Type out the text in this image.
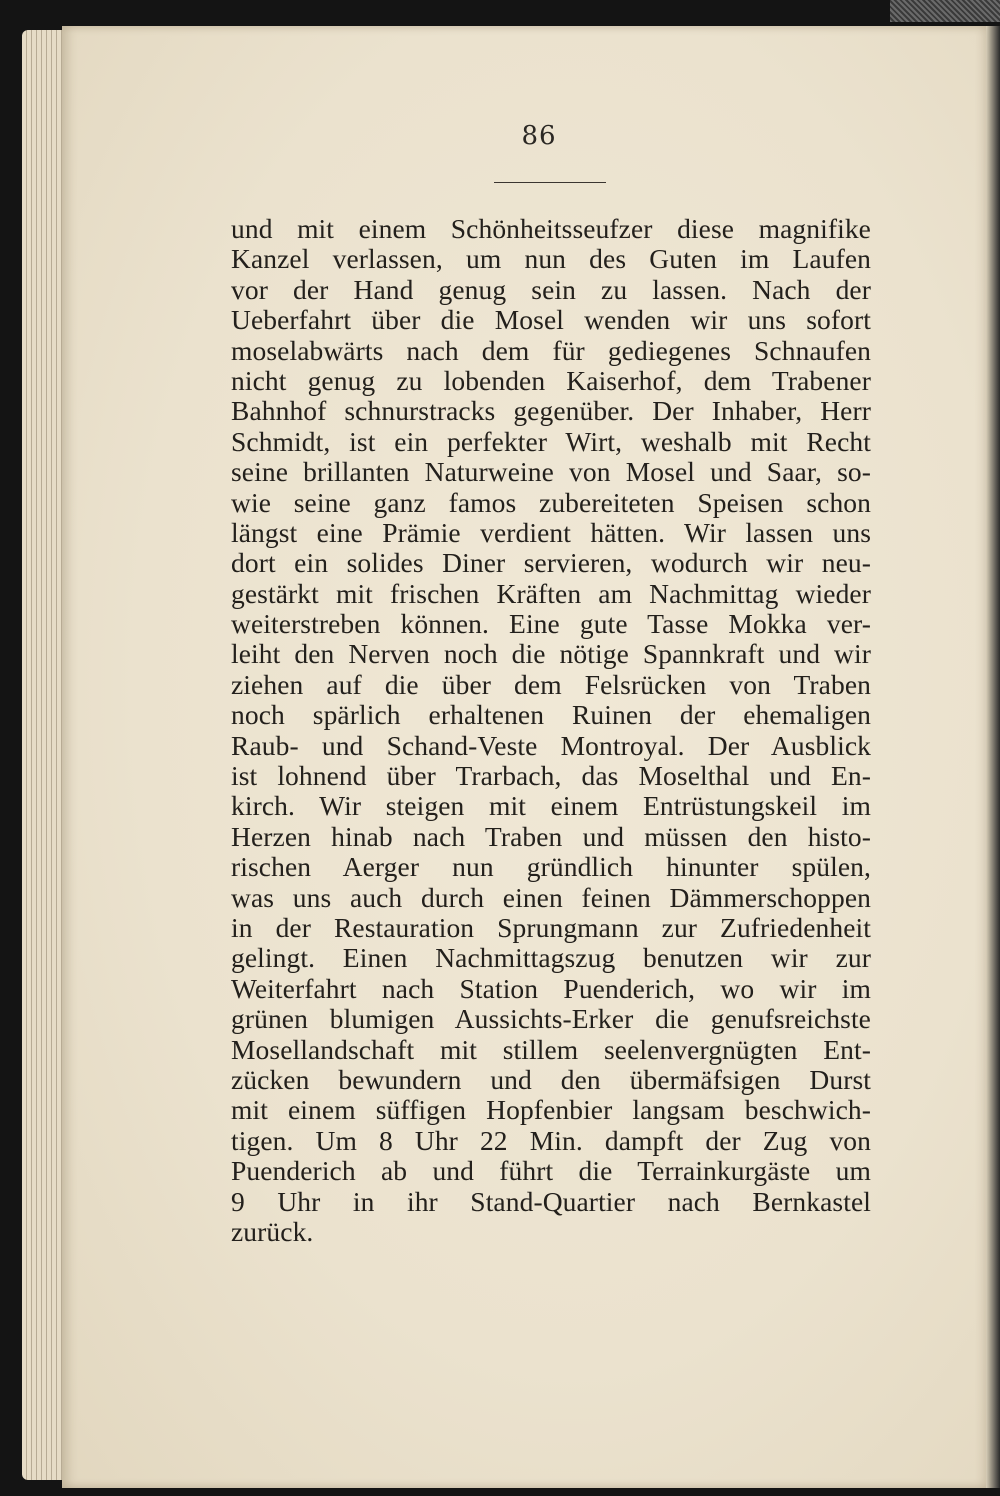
86

und mit einem Schönheitsseufzer diese magnifike
Kanzel verlassen, um nun des Guten im Laufen
vor der Hand genug sein zu lassen. Nach der
Ueberfahrt über die Mosel wenden wir uns sofort
moselabwärts nach dem für gediegenes Schnaufen
nicht genug zu lobenden Kaiserhof, dem Trabener
Bahnhof schnurstracks gegenüber. Der Inhaber, Herr
Schmidt, ist ein perfekter Wirt, weshalb mit Recht
seine brillanten Naturweine von Mosel und Saar, so-
wie seine ganz famos zubereiteten Speisen schon
längst eine Prämie verdient hätten. Wir lassen uns
dort ein solides Diner servieren, wodurch wir neu-
gestärkt mit frischen Kräften am Nachmittag wieder
weiterstreben können. Eine gute Tasse Mokka ver-
leiht den Nerven noch die nötige Spannkraft und wir
ziehen auf die über dem Felsrücken von Traben
noch spärlich erhaltenen Ruinen der ehemaligen
Raub- und Schand-Veste Montroyal. Der Ausblick
ist lohnend über Trarbach, das Moselthal und En-
kirch. Wir steigen mit einem Entrüstungskeil im
Herzen hinab nach Traben und müssen den histo-
rischen Aerger nun gründlich hinunter spülen,
was uns auch durch einen feinen Dämmerschoppen
in der Restauration Sprungmann zur Zufriedenheit
gelingt. Einen Nachmittagszug benutzen wir zur
Weiterfahrt nach Station Puenderich, wo wir im
grünen blumigen Aussichts-Erker die genufsreichste
Mosellandschaft mit stillem seelenvergnügten Ent-
zücken bewundern und den übermäfsigen Durst
mit einem süffigen Hopfenbier langsam beschwich-
tigen. Um 8 Uhr 22 Min. dampft der Zug von
Puenderich ab und führt die Terrainkurgäste um
9 Uhr in ihr Stand-Quartier nach Bernkastel
zurück.
